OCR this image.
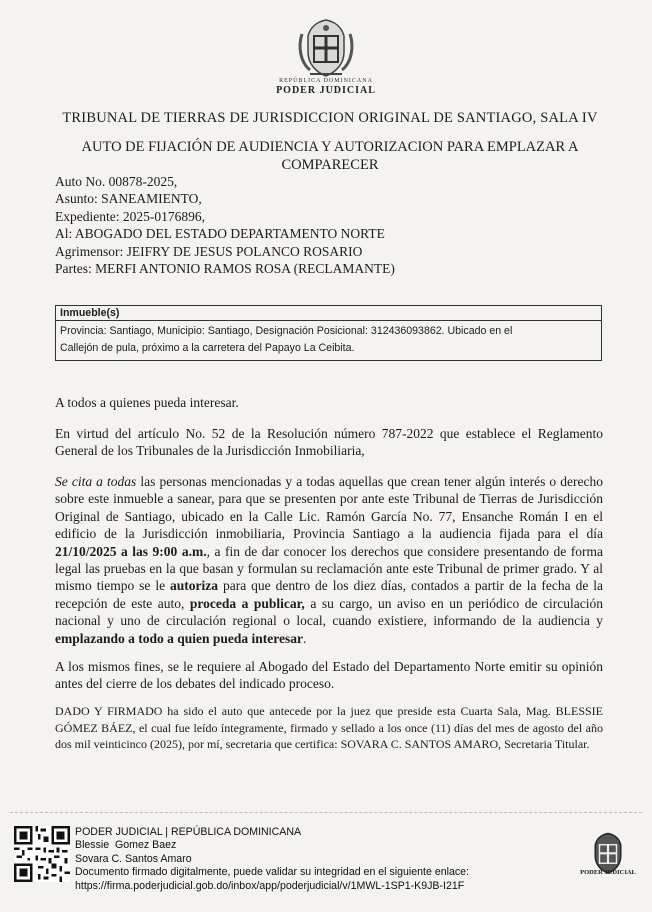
REPÚBLICA DOMINICANA
PODER JUDICIAL
TRIBUNAL DE TIERRAS DE JURISDICCION ORIGINAL DE SANTIAGO, SALA IV
AUTO DE FIJACIÓN DE AUDIENCIA Y AUTORIZACION PARA EMPLAZAR A COMPARECER
Auto No. 00878-2025,
Asunto: SANEAMIENTO,
Expediente: 2025-0176896,
Al: ABOGADO DEL ESTADO DEPARTAMENTO NORTE
Agrimensor: JEIFRY DE JESUS POLANCO ROSARIO
Partes: MERFI ANTONIO RAMOS ROSA (RECLAMANTE)
Inmueble(s)
Provincia: Santiago, Municipio: Santiago, Designación Posicional: 312436093862. Ubicado en el
Callejón de pula, próximo a la carretera del Papayo La Ceibita.
A todos a quienes pueda interesar.
En virtud del artículo No. 52 de la Resolución número 787-2022 que establece el Reglamento General de los Tribunales de la Jurisdicción Inmobiliaria,
Se cita a todas las personas mencionadas y a todas aquellas que crean tener algún interés o derecho sobre este inmueble a sanear, para que se presenten por ante este Tribunal de Tierras de Jurisdicción Original de Santiago, ubicado en la Calle Lic. Ramón García No. 77, Ensanche Román I en el edificio de la Jurisdicción inmobiliaria, Provincia Santiago a la audiencia fijada para el día 21/10/2025 a las 9:00 a.m., a fin de dar conocer los derechos que considere presentando de forma legal las pruebas en la que basan y formulan su reclamación ante este Tribunal de primer grado. Y al mismo tiempo se le autoriza para que dentro de los diez días, contados a partir de la fecha de la recepción de este auto, proceda a publicar, a su cargo, un aviso en un periódico de circulación nacional y uno de circulación regional o local, cuando existiere, informando de la audiencia y emplazando a todo a quien pueda interesar.
A los mismos fines, se le requiere al Abogado del Estado del Departamento Norte emitir su opinión antes del cierre de los debates del indicado proceso.
DADO Y FIRMADO ha sido el auto que antecede por la juez que preside esta Cuarta Sala, Mag. BLESSIE GÓMEZ BÁEZ, el cual fue leído íntegramente, firmado y sellado a los once (11) días del mes de agosto del año dos mil veinticinco (2025), por mí, secretaria que certifica: SOVARA C. SANTOS AMARO, Secretaria Titular.
PODER JUDICIAL | REPÚBLICA DOMINICANA
Blessie  Gomez Baez
Sovara C. Santos Amaro
Documento firmado digitalmente, puede validar su integridad en el siguiente enlace:
https://firma.poderjudicial.gob.do/inbox/app/poderjudicial/v/1MWL-1SP1-K9JB-I21F
PODER JUDICIAL
